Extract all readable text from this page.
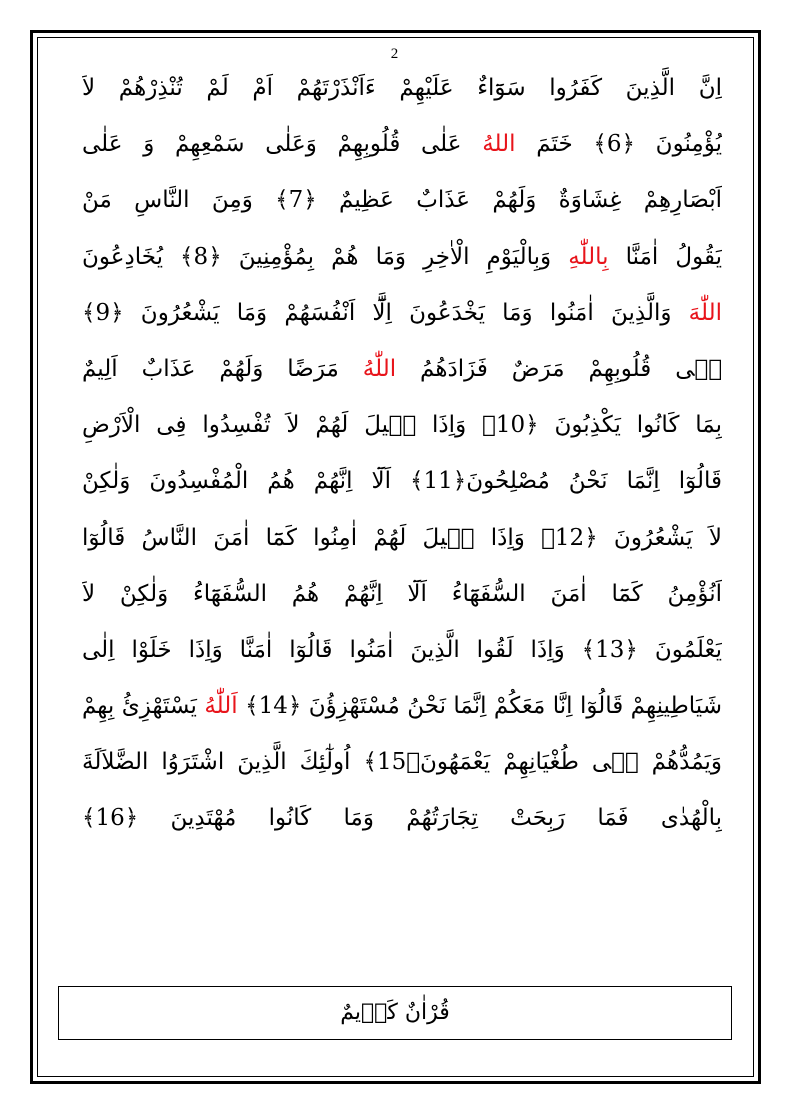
2
اِنَّ الَّذِينَ كَفَرُوا سَوَٓاءٌ عَلَيْهِمْ ءَاَنْذَرْتَهُمْ اَمْ لَمْ تُنْذِرْهُمْ لاَ
يُؤْمِنُونَ ﴿6﴾ خَتَمَ اللهُ عَلٰى قُلُوبِهِمْ وَعَلٰى سَمْعِهِمْ وَ عَلٰى
اَبْصَارِهِمْ غِشَاوَةٌ وَلَهُمْ عَذَابٌ عَظِيمٌ ﴿7﴾ وَمِنَ النَّاسِ مَنْ
يَقُولُ اٰمَنَّا بِاللّٰهِ وَبِالْيَوْمِ الْاٰخِرِ وَمَا هُمْ بِمُؤْمِنِينَ ﴿8﴾ يُخَادِعُونَ
اللّٰهَ وَالَّذِينَ اٰمَنُوا وَمَا يَخْدَعُونَ اِلَّٓا اَنْفُسَهُمْ وَمَا يَشْعُرُونَ ﴿9﴾
فٖى قُلُوبِهِمْ مَرَضٌ فَزَادَهُمُ اللّٰهُ مَرَضًا وَلَهُمْ عَذَابٌ اَلِيمٌ
بِمَا كَانُوا يَكْذِبُونَ ﴿10﴾ وَاِذَا قٖيلَ لَهُمْ لاَ تُفْسِدُوا فِى الْاَرْضِ
قَالُوٓا اِنَّمَا نَحْنُ مُصْلِحُونَ﴿11﴾ اَلَٓا اِنَّهُمْ هُمُ الْمُفْسِدُونَ وَلٰكِنْ
لاَ يَشْعُرُونَ ﴿12﴾ وَاِذَا قٖيلَ لَهُمْ اٰمِنُوا كَمَٓا اٰمَنَ النَّاسُ قَالُوٓا
اَنُؤْمِنُ كَمَٓا اٰمَنَ السُّفَهَٓاءُ اَلَٓا اِنَّهُمْ هُمُ السُّفَهَٓاءُ وَلٰكِنْ لاَ
يَعْلَمُونَ ﴿13﴾ وَاِذَا لَقُوا الَّذِينَ اٰمَنُوا قَالُوٓا اٰمَنَّا وَاِذَا خَلَوْا اِلٰى
شَيَاطِينِهِمْ قَالُوٓا اِنَّا مَعَكُمْ اِنَّمَا نَحْنُ مُسْتَهْزِؤُنَ ﴿14﴾ اَللّٰهُ يَسْتَهْزِئُ بِهِمْ
وَيَمُدُّهُمْ فٖى طُغْيَانِهِمْ يَعْمَهُونَ﴿15﴾ اُولٰٓئِكَ الَّذِينَ اشْتَرَوُا الضَّلاَلَةَ
بِالْهُدٰى فَمَا رَبِحَتْ تِجَارَتُهُمْ وَمَا كَانُوا مُهْتَدِينَ ﴿16﴾
قُرْاٰنٌ كَرٖيمٌ
